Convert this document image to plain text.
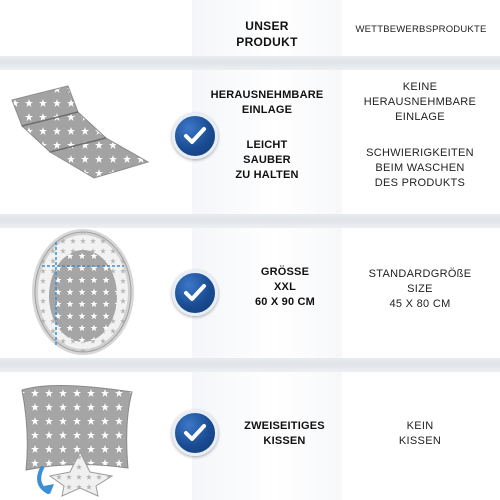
UNSER
PRODUKT
WETTBEWERBSPRODUKTE
HERAUSNEHMBARE
EINLAGE
LEICHT
SAUBER
ZU HALTEN
KEINE
HERAUSNEHMBARE
EINLAGE
SCHWIERIGKEITEN
BEIM WASCHEN
DES PRODUKTS
GRÖSSE
XXL
60 X 90 CM
STANDARDGRÖßE
SIZE
45 X 80 CM
ZWEISEITIGES
KISSEN
KEIN
KISSEN
